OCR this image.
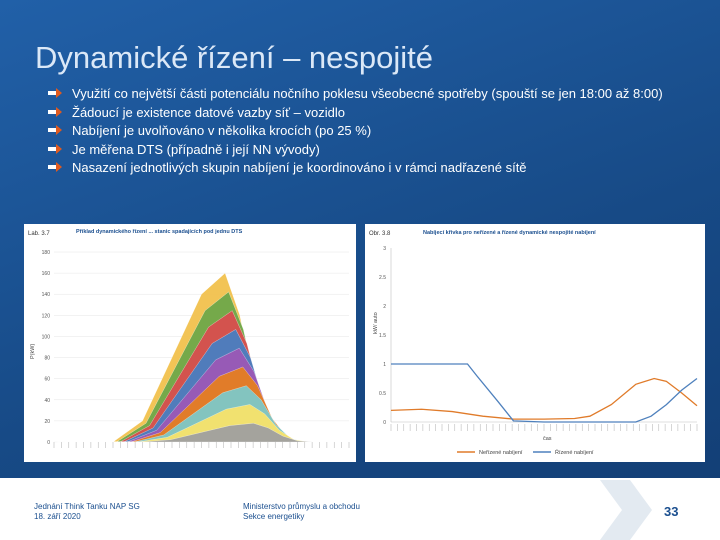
Dynamické řízení – nespojité
Využití co největší části potenciálu nočního poklesu všeobecné spotřeby (spouští se jen 18:00 až 8:00)
Žádoucí je existence datové vazby síť – vozidlo
Nabíjení je uvolňováno v několika krocích (po 25 %)
Je měřena DTS (případně i její NN vývody)
Nasazení jednotlivých skupin nabíjení je koordinováno i v rámci nadřazené sítě
Lab. 3.7	Příklad dynamického řízení ... stanic spadajících pod jednu DTS
P(kW)
180
160
140
120
100
80
60
40
20
0
Obr. 3.8	Nabíjecí křivka pro neřízené a řízené dynamické nespojité nabíjení
kW/ auto
čas
3
2.5
2
1.5
1
0.5
0
Neřízené nabíjení	Řízené nabíjení
Jednání Think Tanku NAP SG
18. září 2020
Ministerstvo průmyslu a obchodu
Sekce energetiky	33
